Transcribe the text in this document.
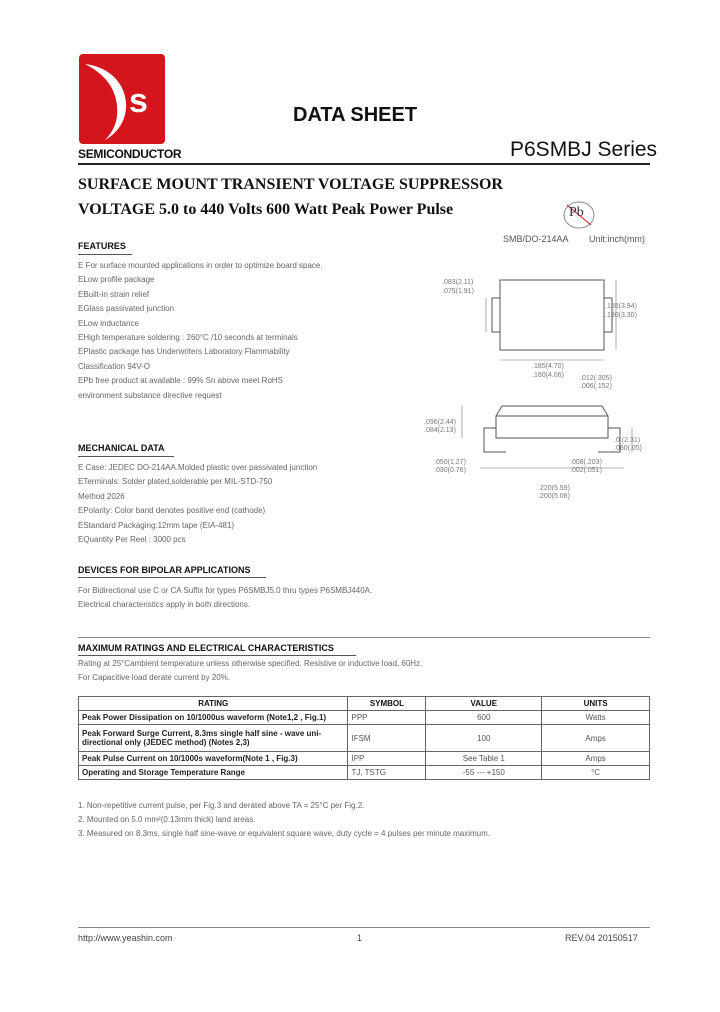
s
SEMICONDUCTOR
DATA SHEET
P6SMBJ Series
SURFACE MOUNT TRANSIENT VOLTAGE SUPPRESSOR
VOLTAGE 5.0 to 440 Volts 600 Watt Peak Power Pulse	Pb
SMB/DO-214AA Unit:inch(mm)
.083(2.11)
.075(1.91)
.155(3.94)
.130(3.30)
.185(4.70)
.160(4.06) .012(.305)
.006(.152)
.096(2.44)
.084(2.13)
.050(1.27)
.030(0.76)
.008(.203)
.002(.051)
.220(5.59)
.200(5.08)
.0 (2.31)
.080(.05)
FEATURES
E For surface mounted applications in order to optimize board space.
ELow profile package
EBuilt-in strain relief
EGlass passivated junction
ELow inductance
EHigh temperature soldering : 260°C /10 seconds at terminals
EPlastic package has Underwriters Laboratory Flammability
Classification 94V-O
EPb free product at available : 99% Sn above meet RoHS
environment substance directive request
MECHANICAL DATA
E Case: JEDEC DO-214AA.Molded plastic over passivated junction
ETerminals: Solder plated,solderable per MIL-STD-750
Method 2026
EPolarity: Color band denotes positive end (cathode)
EStandard Packaging:12mm tape (EIA-481)
EQuantity Per Reel : 3000 pcs
DEVICES FOR BIPOLAR APPLICATIONS
For Bidirectional use C or CA Suffix for types P6SMBJ5.0 thru types P6SMBJ440A.
Electrical characteristics apply in both directions.
MAXIMUM RATINGS AND ELECTRICAL CHARACTERISTICS
Rating at 25°Cambient temperature unless otherwise specified. Resistive or inductive load, 60Hz.
For Capacitive load derate current by 20%.
RATING	SYMBOL	VALUE	UNITS
Peak Power Dissipation on 10/1000us waveform (Note1,2 , Fig.1)	PPP	600	Watts
Peak Forward Surge Current, 8.3ms single half sine - wave uni-directional only (JEDEC method) (Notes 2,3)	IFSM	100	Amps
Peak Pulse Current on 10/1000s waveform(Note 1 , Fig.3)	IPP	See Table 1	Amps
Operating and Storage Temperature Range	TJ, TSTG	-55 --- +150	°C
1. Non-repetitive current pulse, per Fig.3 and derated above TA = 25°C per Fig.2.
2. Mounted on 5.0 mm²(0.13mm thick) land areas.
3. Measured on 8.3ms, single half sine-wave or equivalent square wave, duty cycle = 4 pulses per minute maximum.
http://www.yeashin.com	1	REV.04 20150517
